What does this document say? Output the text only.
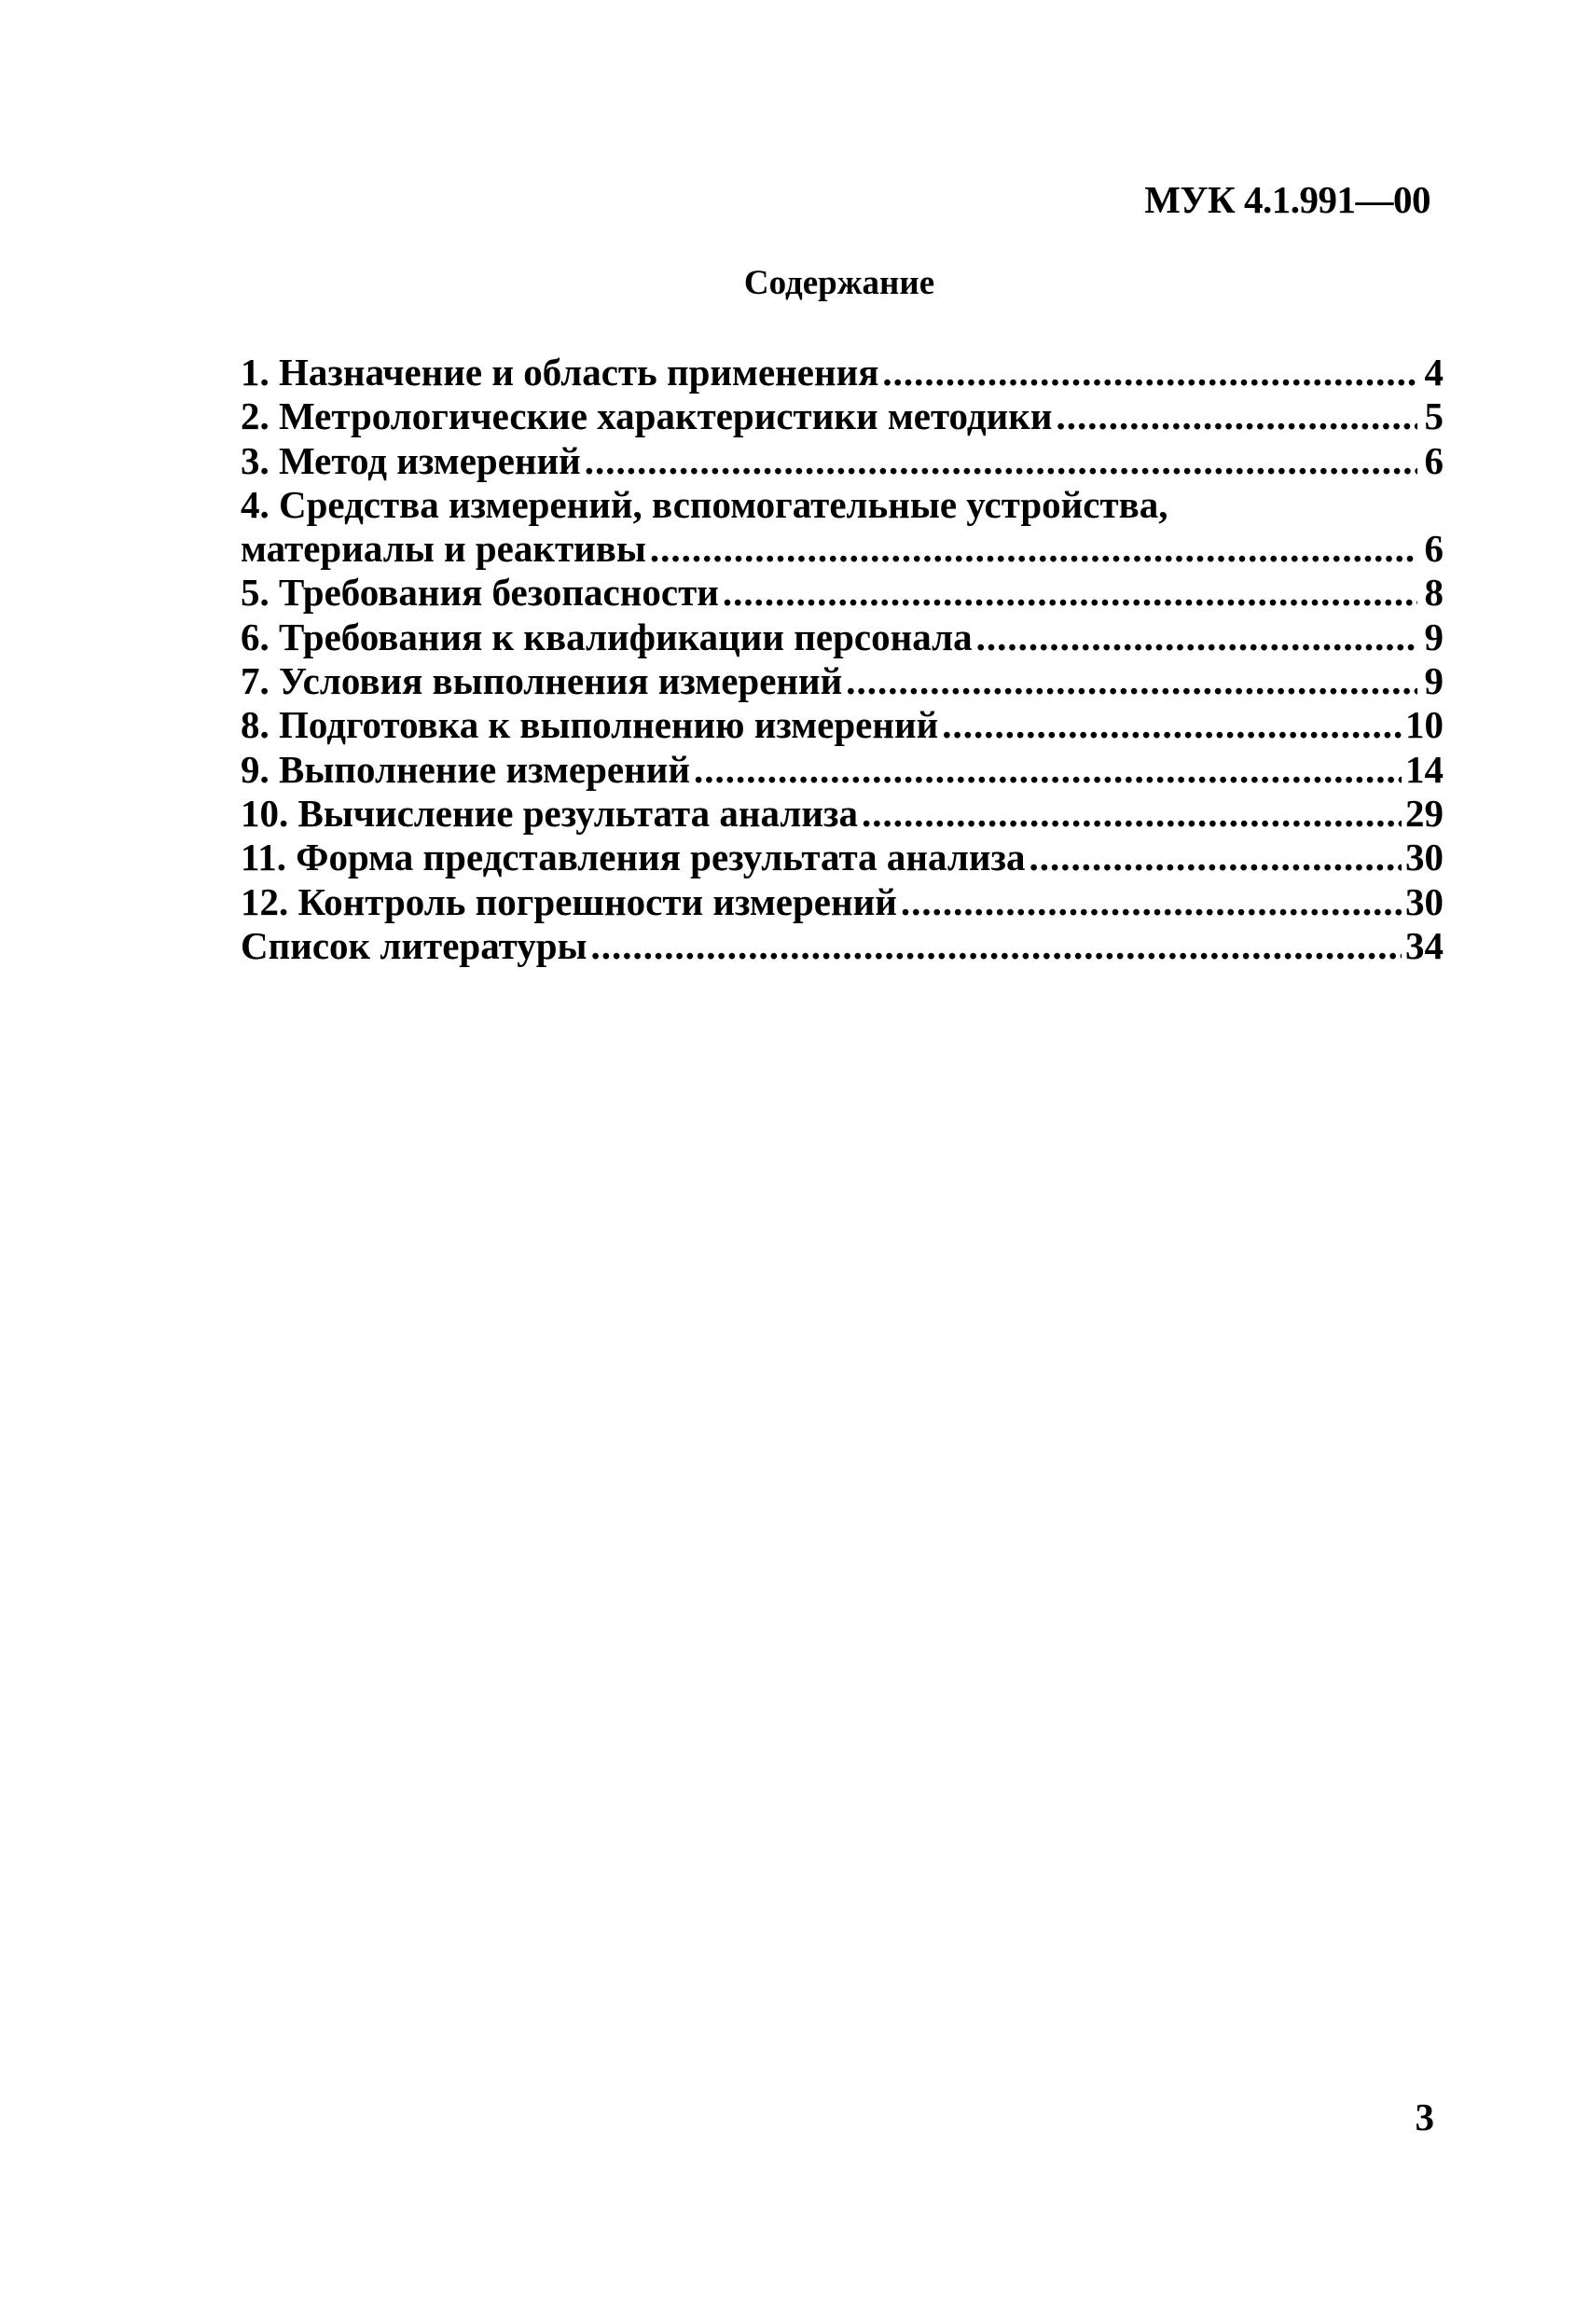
МУК 4.1.991—00
Содержание
1. Назначение и область применения .....	4
2. Метрологические характеристики методики .....	5
3. Метод измерений .....	6
4. Средства измерений, вспомогательные устройства,
материалы и реактивы .....	6
5. Требования безопасности .....	8
6. Требования к квалификации персонала .....	9
7. Условия выполнения измерений .....	9
8. Подготовка к выполнению измерений .....	10
9. Выполнение измерений .....	14
10. Вычисление результата анализа .....	29
11. Форма представления результата анализа .....	30
12. Контроль погрешности измерений .....	30
Список литературы .....	34
3
